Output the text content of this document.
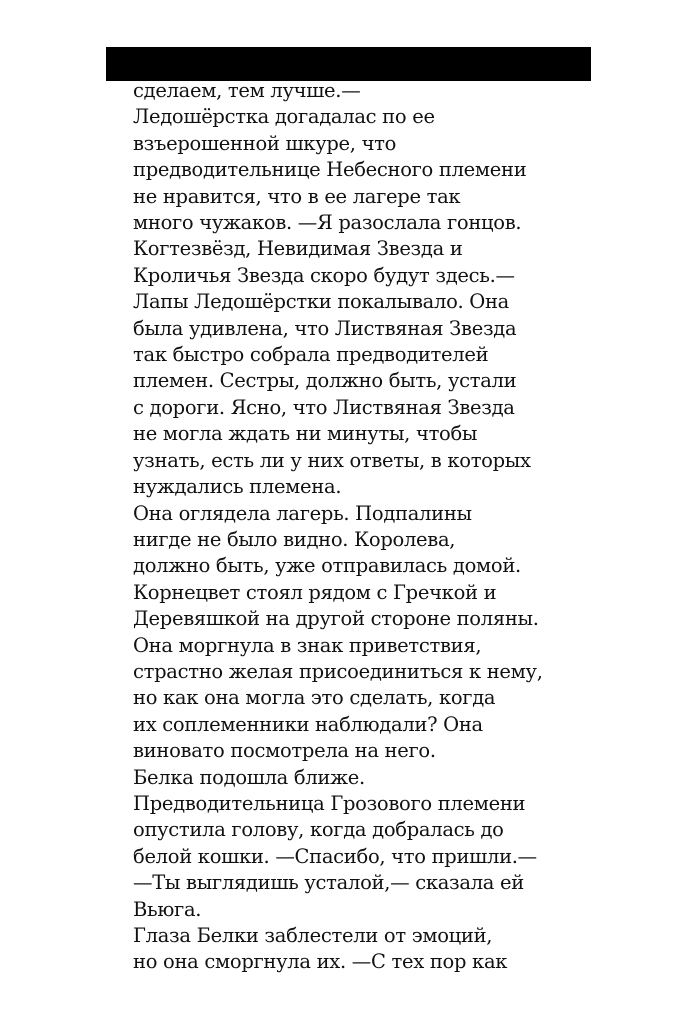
сделаем, тем лучше.—
Ледошёрстка догадалас по ее
взъерошенной шкуре, что
предводительнице Небесного племени
не нравится, что в ее лагере так
много чужаков. —Я разослала гонцов.
Когтезвёзд, Невидимая Звезда и
Кроличья Звезда скоро будут здесь.—
Лапы Ледошёрстки покалывало. Она
была удивлена, что Листвяная Звезда
так быстро собрала предводителей
племен. Сестры, должно быть, устали
с дороги. Ясно, что Листвяная Звезда
не могла ждать ни минуты, чтобы
узнать, есть ли у них ответы, в которых
нуждались племена.
Она оглядела лагерь. Подпалины
нигде не было видно. Королева,
должно быть, уже отправилась домой.
Корнецвет стоял рядом с Гречкой и
Деревяшкой на другой стороне поляны.
Она моргнула в знак приветствия,
страстно желая присоединиться к нему,
но как она могла это сделать, когда
их соплеменники наблюдали? Она
виновато посмотрела на него.
Белка подошла ближе.
Предводительница Грозового племени
опустила голову, когда добралась до
белой кошки. —Спасибо, что пришли.—
—Ты выглядишь усталой,— сказала ей
Вьюга.
Глаза Белки заблестели от эмоций,
но она сморгнула их. —С тех пор как
